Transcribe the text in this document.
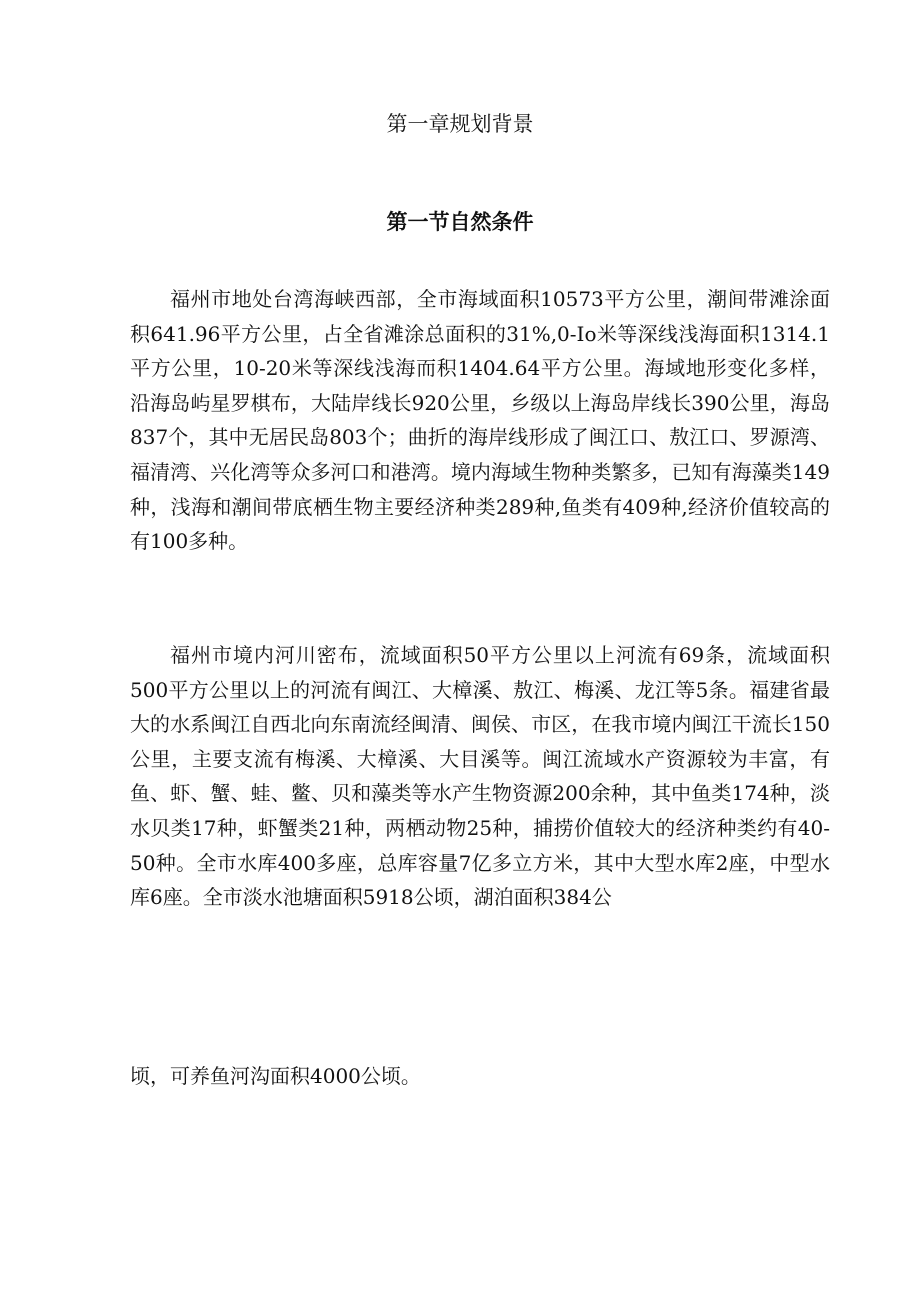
第一章规划背景
第一节自然条件

福州市地处台湾海峡西部，全市海域面积10573平方公里，潮间带滩涂面积641.96平方公里，占全省滩涂总面积的31%,0-Io米等深线浅海面积1314.1平方公里，10-20米等深线浅海而积1404.64平方公里。海域地形变化多样，沿海岛屿星罗棋布，大陆岸线长920公里，乡级以上海岛岸线长390公里，海岛837个，其中无居民岛803个；曲折的海岸线形成了闽江口、敖江口、罗源湾、福清湾、兴化湾等众多河口和港湾。境内海域生物种类繁多，已知有海藻类149种，浅海和潮间带底栖生物主要经济种类289种,鱼类有409种,经济价值较高的有100多种。

福州市境内河川密布，流域面积50平方公里以上河流有69条，流域面积500平方公里以上的河流有闽江、大樟溪、敖江、梅溪、龙江等5条。福建省最大的水系闽江自西北向东南流经闽清、闽侯、市区，在我市境内闽江干流长150公里，主要支流有梅溪、大樟溪、大目溪等。闽江流域水产资源较为丰富，有鱼、虾、蟹、蛙、鳖、贝和藻类等水产生物资源200余种，其中鱼类174种，淡水贝类17种，虾蟹类21种，两栖动物25种，捕捞价值较大的经济种类约有40-50种。全市水库400多座，总库容量7亿多立方米，其中大型水库2座，中型水库6座。全市淡水池塘面积5918公顷，湖泊面积384公

顷，可养鱼河沟面积4000公顷。
